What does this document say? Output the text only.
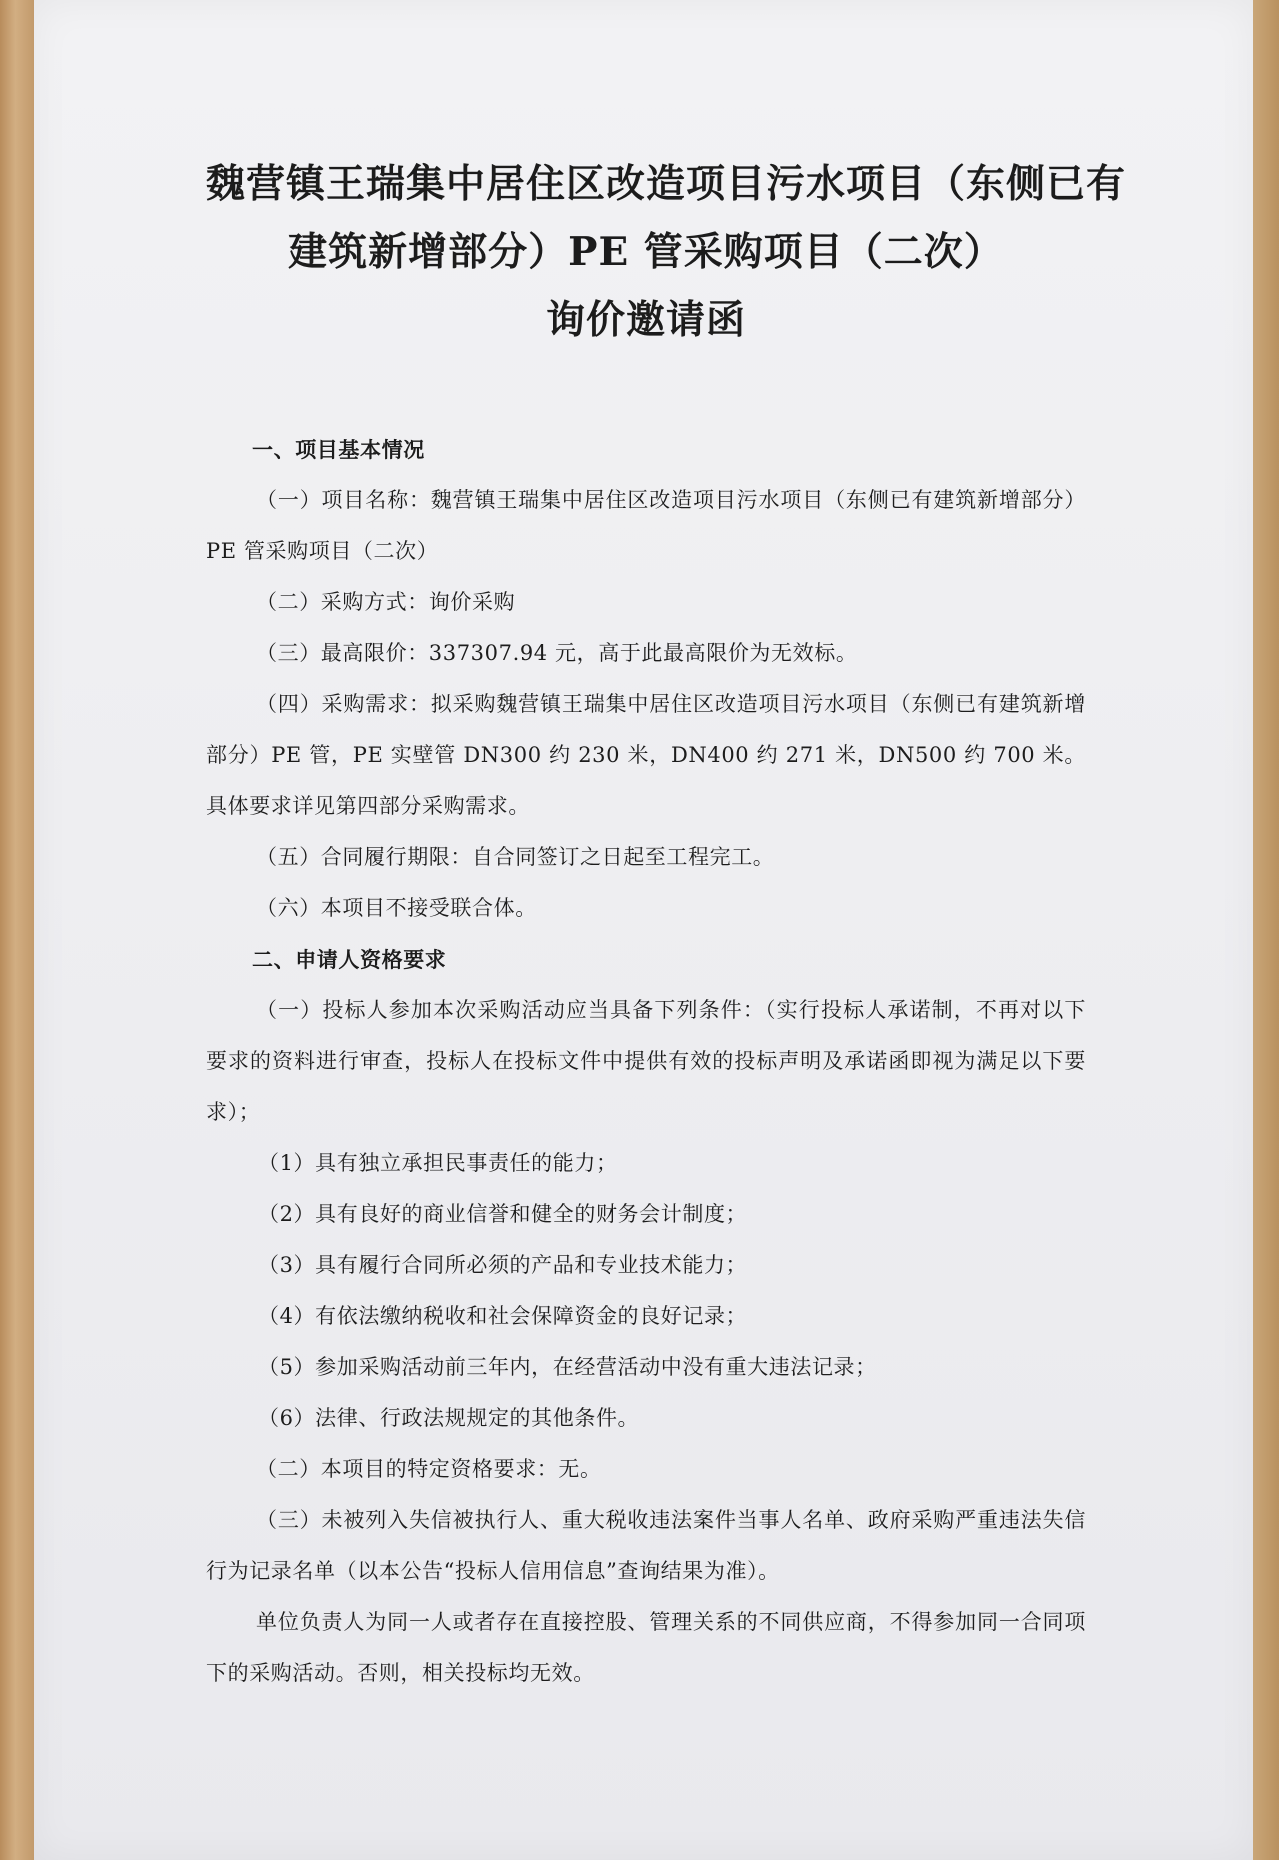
魏营镇王瑞集中居住区改造项目污水项目（东侧已有
建筑新增部分）PE 管采购项目（二次）
询价邀请函

一、项目基本情况

（一）项目名称：魏营镇王瑞集中居住区改造项目污水项目（东侧已有建筑新增部分）PE 管采购项目（二次）

（二）采购方式：询价采购

（三）最高限价：337307.94 元，高于此最高限价为无效标。

（四）采购需求：拟采购魏营镇王瑞集中居住区改造项目污水项目（东侧已有建筑新增部分）PE 管，PE 实壁管 DN300 约 230 米，DN400 约 271 米，DN500 约 700 米。具体要求详见第四部分采购需求。

（五）合同履行期限：自合同签订之日起至工程完工。

（六）本项目不接受联合体。

二、申请人资格要求

（一）投标人参加本次采购活动应当具备下列条件：（实行投标人承诺制，不再对以下要求的资料进行审查，投标人在投标文件中提供有效的投标声明及承诺函即视为满足以下要求）；

（1）具有独立承担民事责任的能力；

（2）具有良好的商业信誉和健全的财务会计制度；

（3）具有履行合同所必须的产品和专业技术能力；

（4）有依法缴纳税收和社会保障资金的良好记录；

（5）参加采购活动前三年内，在经营活动中没有重大违法记录；

（6）法律、行政法规规定的其他条件。

（二）本项目的特定资格要求：无。

（三）未被列入失信被执行人、重大税收违法案件当事人名单、政府采购严重违法失信行为记录名单（以本公告“投标人信用信息”查询结果为准）。

单位负责人为同一人或者存在直接控股、管理关系的不同供应商，不得参加同一合同项下的采购活动。否则，相关投标均无效。
